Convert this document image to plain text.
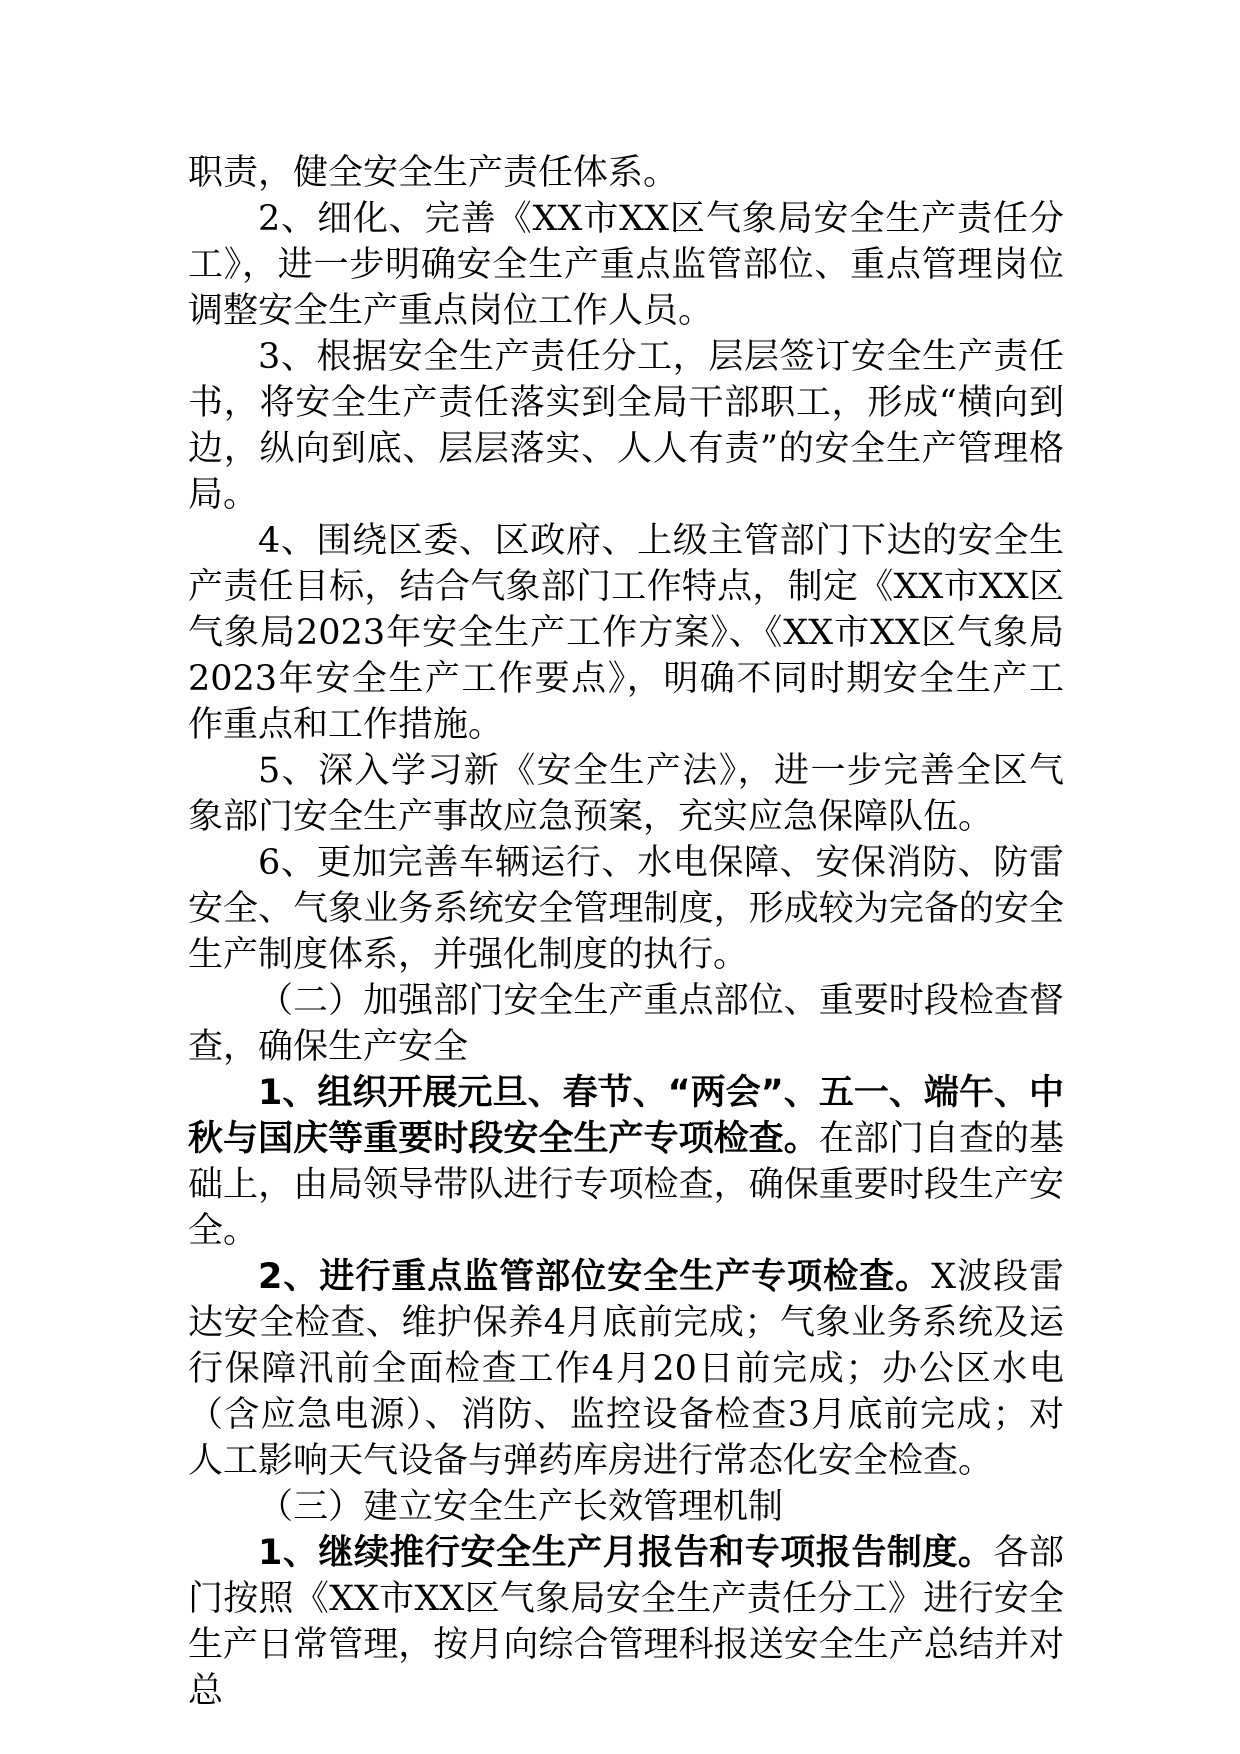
职责，健全安全生产责任体系。

2、细化、完善《XX市XX区气象局安全生产责任分工》，进一步明确安全生产重点监管部位、重点管理岗位调整安全生产重点岗位工作人员。

3、根据安全生产责任分工，层层签订安全生产责任书，将安全生产责任落实到全局干部职工，形成“横向到边，纵向到底、层层落实、人人有责”的安全生产管理格局。

4、围绕区委、区政府、上级主管部门下达的安全生产责任目标，结合气象部门工作特点，制定《XX市XX区气象局2023年安全生产工作方案》、《XX市XX区气象局2023年安全生产工作要点》，明确不同时期安全生产工作重点和工作措施。

5、深入学习新《安全生产法》，进一步完善全区气象部门安全生产事故应急预案，充实应急保障队伍。

6、更加完善车辆运行、水电保障、安保消防、防雷安全、气象业务系统安全管理制度，形成较为完备的安全生产制度体系，并强化制度的执行。

（二）加强部门安全生产重点部位、重要时段检查督查，确保生产安全

1、组织开展元旦、春节、“两会”、五一、端午、中秋与国庆等重要时段安全生产专项检查。在部门自查的基础上，由局领导带队进行专项检查，确保重要时段生产安全。

2、进行重点监管部位安全生产专项检查。X波段雷达安全检查、维护保养4月底前完成；气象业务系统及运行保障汛前全面检查工作4月20日前完成；办公区水电（含应急电源）、消防、监控设备检查3月底前完成；对人工影响天气设备与弹药库房进行常态化安全检查。

（三）建立安全生产长效管理机制

1、继续推行安全生产月报告和专项报告制度。各部门按照《XX市XX区气象局安全生产责任分工》进行安全生产日常管理，按月向综合管理科报送安全生产总结并对总
